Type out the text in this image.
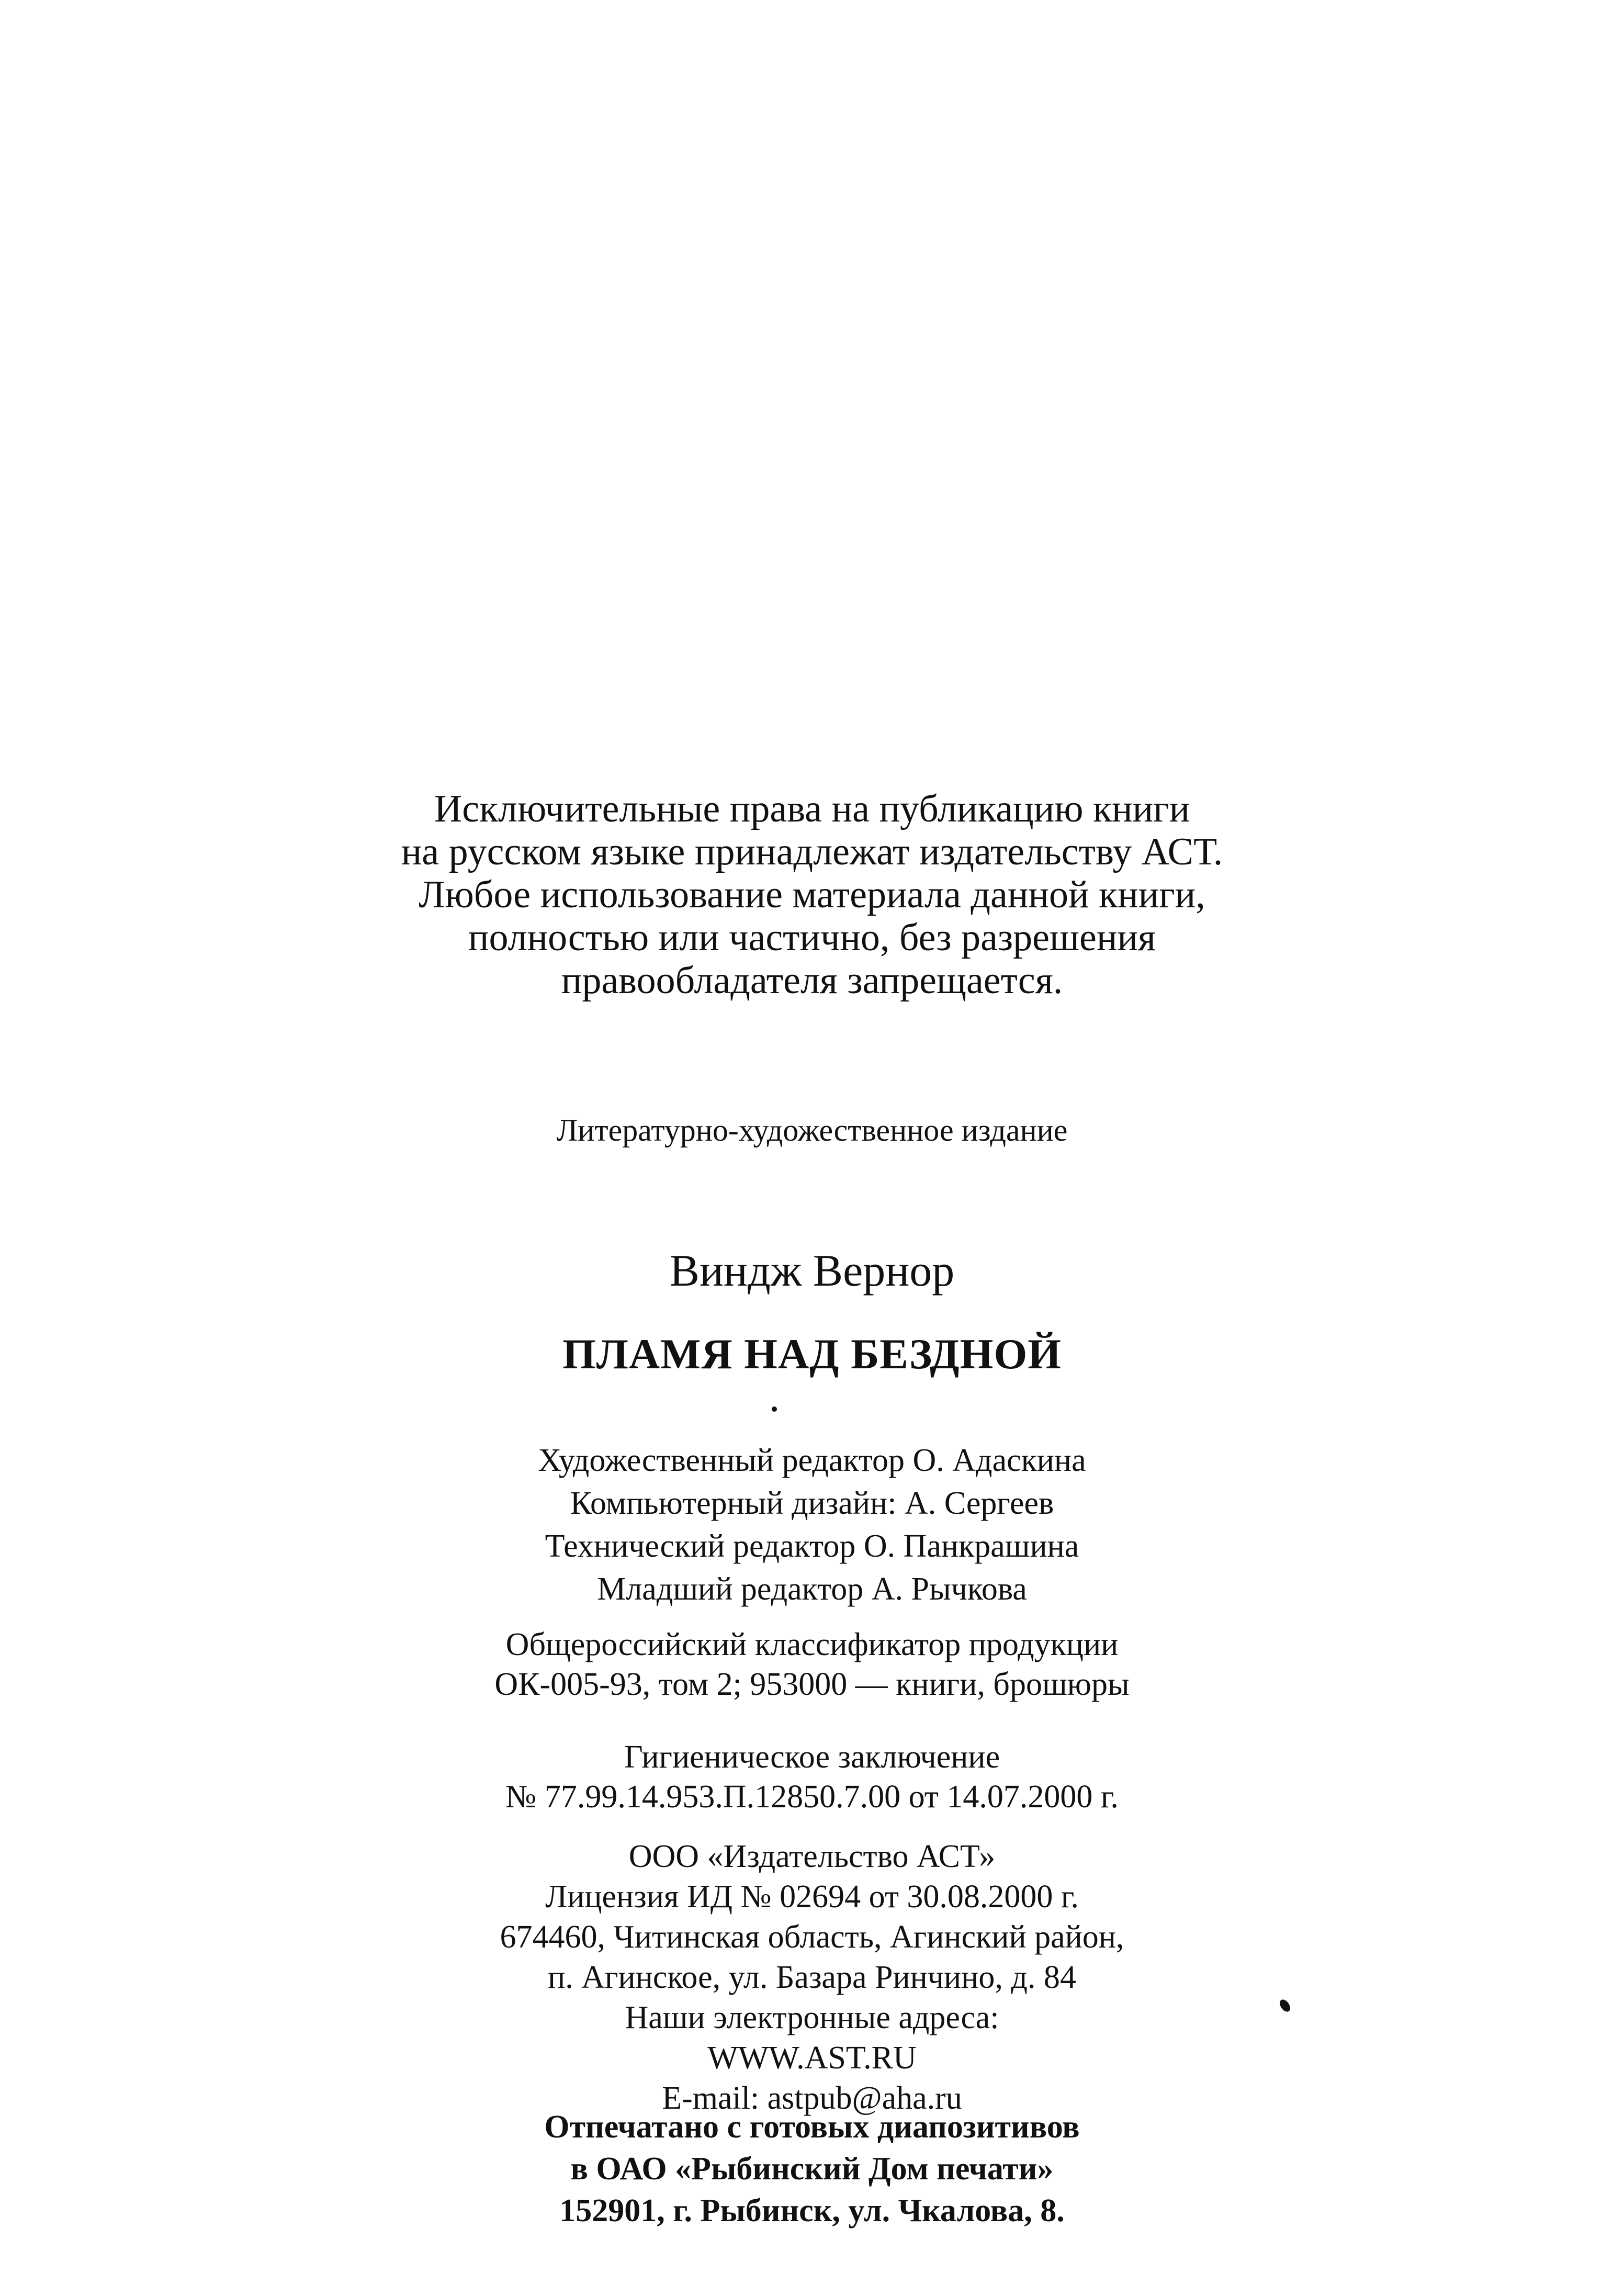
Исключительные права на публикацию книги
на русском языке принадлежат издательству АСТ.
Любое использование материала данной книги,
полностью или частично, без разрешения
правообладателя запрещается.
Литературно-художественное издание
Виндж Вернор
ПЛАМЯ НАД БЕЗДНОЙ
Художественный редактор О. Адаскина
Компьютерный дизайн: А. Сергеев
Технический редактор О. Панкрашина
Младший редактор А. Рычкова
Общероссийский классификатор продукции
ОК-005-93, том 2; 953000 — книги, брошюры
Гигиеническое заключение
№ 77.99.14.953.П.12850.7.00 от 14.07.2000 г.
ООО «Издательство АСТ»
Лицензия ИД № 02694 от 30.08.2000 г.
674460, Читинская область, Агинский район,
п. Агинское, ул. Базара Ринчино, д. 84
Наши электронные адреса:
WWW.AST.RU
E-mail: astpub@aha.ru
Отпечатано с готовых диапозитивов
в ОАО «Рыбинский Дом печати»
152901, г. Рыбинск, ул. Чкалова, 8.
